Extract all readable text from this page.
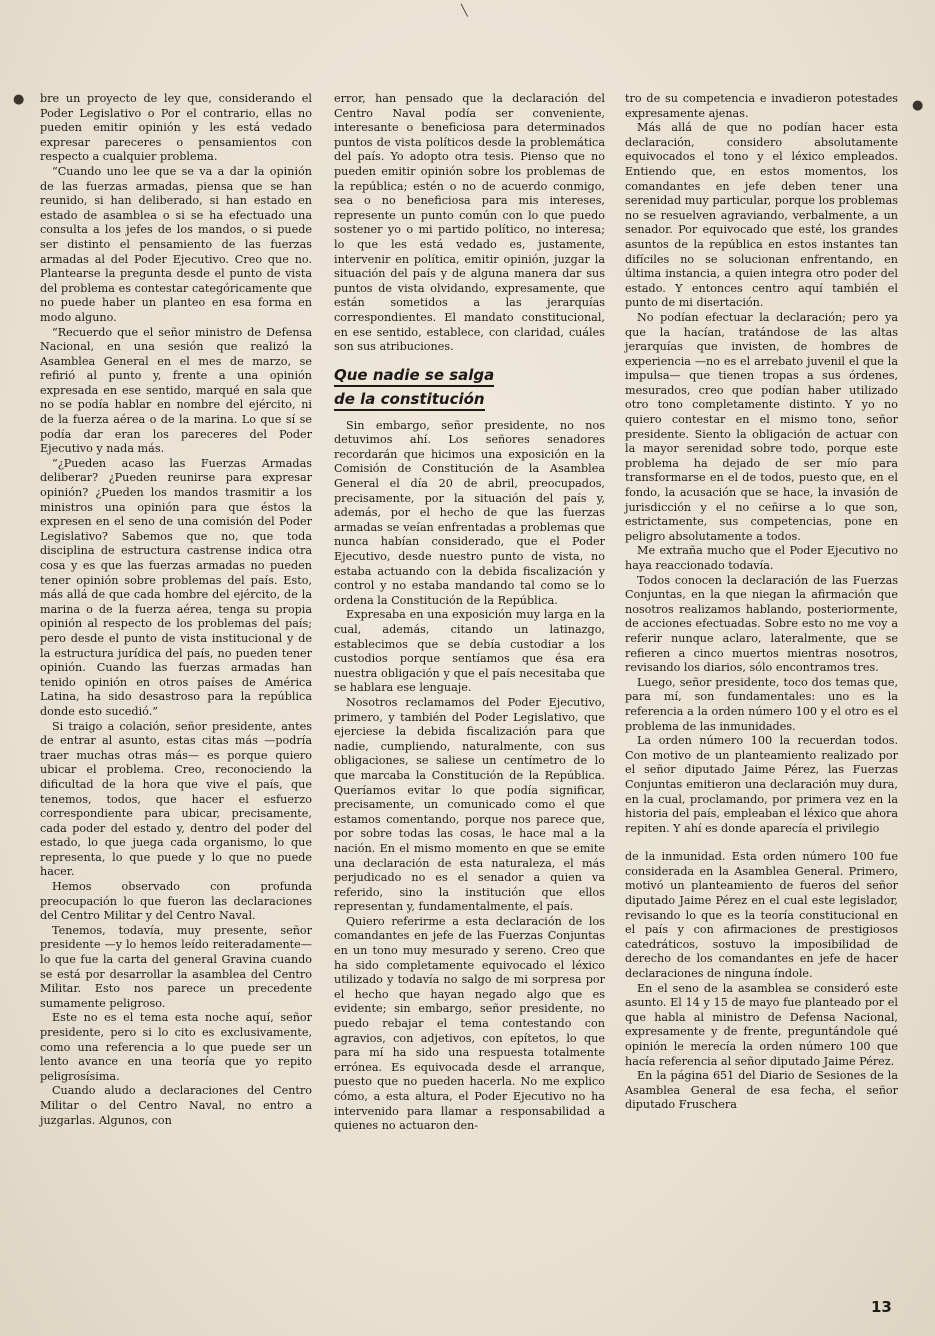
╲
●	●

bre un proyecto de ley que, considerando el Poder Legislativo o Por el contrario, ellas no pueden emitir opinión y les está vedado expresar pareceres o pensamientos con respecto a cualquier problema.

“Cuando uno lee que se va a dar la opinión de las fuerzas armadas, piensa que se han reunido, si han deliberado, si han estado en estado de asamblea o si se ha efectuado una consulta a los jefes de los mandos, o si puede ser distinto el pensamiento de las fuerzas armadas al del Poder Ejecutivo. Creo que no. Plantearse la pregunta desde el punto de vista del problema es contestar categóricamente que no puede haber un planteo en esa forma en modo alguno.

“Recuerdo que el señor ministro de Defensa Nacional, en una sesión que realizó la Asamblea General en el mes de marzo, se refirió al punto y, frente a una opinión expresada en ese sentido, marqué en sala que no se podía hablar en nombre del ejército, ni de la fuerza aérea o de la marina. Lo que sí se podía dar eran los pareceres del Poder Ejecutivo y nada más.

“¿Pueden acaso las Fuerzas Armadas deliberar? ¿Pueden reunirse para expresar opinión? ¿Pueden los mandos trasmitir a los ministros una opinión para que éstos la expresen en el seno de una comisión del Poder Legislativo? Sabemos que no, que toda disciplina de estructura castrense indica otra cosa y es que las fuerzas armadas no pueden tener opinión sobre problemas del país. Esto, más allá de que cada hombre del ejército, de la marina o de la fuerza aérea, tenga su propia opinión al respecto de los problemas del país; pero desde el punto de vista institucional y de la estructura jurídica del país, no pueden tener opinión. Cuando las fuerzas armadas han tenido opinión en otros países de América Latina, ha sido desastroso para la república donde esto sucedió.”

Si traigo a colación, señor presidente, antes de entrar al asunto, estas citas más —podría traer muchas otras más— es porque quiero ubicar el problema. Creo, reconociendo la dificultad de la hora que vive el país, que tenemos, todos, que hacer el esfuerzo correspondiente para ubicar, precisamente, cada poder del estado y, dentro del poder del estado, lo que juega cada organismo, lo que representa, lo que puede y lo que no puede hacer.

Hemos observado con profunda preocupación lo que fueron las declaraciones del Centro Militar y del Centro Naval.

Tenemos, todavía, muy presente, señor presidente —y lo hemos leído reiteradamente— lo que fue la carta del general Gravina cuando se está por desarrollar la asamblea del Centro Militar. Esto nos parece un precedente sumamente peligroso.

Este no es el tema esta noche aquí, señor presidente, pero si lo cito es exclusivamente, como una referencia a lo que puede ser un lento avance en una teoría que yo repito peligrosísima.

Cuando aludo a declaraciones del Centro Militar o del Centro Naval, no entro a juzgarlas. Algunos, con

error, han pensado que la declaración del Centro Naval podía ser conveniente, interesante o beneficiosa para determinados puntos de vista políticos desde la problemática del país. Yo adopto otra tesis. Pienso que no pueden emitir opinión sobre los problemas de la república; estén o no de acuerdo conmigo, sea o no beneficiosa para mis intereses, represente un punto común con lo que puedo sostener yo o mi partido político, no interesa; lo que les está vedado es, justamente, intervenir en política, emitir opinión, juzgar la situación del país y de alguna manera dar sus puntos de vista olvidando, expresamente, que están sometidos a las jerarquías correspondientes. El mandato constitucional, en ese sentido, establece, con claridad, cuáles son sus atribuciones.

Que nadie se salga
de la constitución

Sin embargo, señor presidente, no nos detuvimos ahí. Los señores senadores recordarán que hicimos una exposición en la Comisión de Constitución de la Asamblea General el día 20 de abril, preocupados, precisamente, por la situación del país y, además, por el hecho de que las fuerzas armadas se veían enfrentadas a problemas que nunca habían considerado, que el Poder Ejecutivo, desde nuestro punto de vista, no estaba actuando con la debida fiscalización y control y no estaba mandando tal como se lo ordena la Constitución de la República.

Expresaba en una exposición muy larga en la cual, además, citando un latinazgo, establecimos que se debía custodiar a los custodios porque sentíamos que ésa era nuestra obligación y que el país necesitaba que se hablara ese lenguaje.

Nosotros reclamamos del Poder Ejecutivo, primero, y también del Poder Legislativo, que ejerciese la debida fiscalización para que nadie, cumpliendo, naturalmente, con sus obligaciones, se saliese un centímetro de lo que marcaba la Constitución de la República. Queríamos evitar lo que podía significar, precisamente, un comunicado como el que estamos comentando, porque nos parece que, por sobre todas las cosas, le hace mal a la nación. En el mismo momento en que se emite una declaración de esta naturaleza, el más perjudicado no es el senador a quien va referido, sino la institución que ellos representan y, fundamentalmente, el país.

Quiero referirme a esta declaración de los comandantes en jefe de las Fuerzas Conjuntas en un tono muy mesurado y sereno. Creo que ha sido completamente equivocado el léxico utilizado y todavía no salgo de mi sorpresa por el hecho que hayan negado algo que es evidente; sin embargo, señor presidente, no puedo rebajar el tema contestando con agravios, con adjetivos, con epítetos, lo que para mí ha sido una respuesta totalmente errónea. Es equivocada desde el arranque, puesto que no pueden hacerla. No me explico cómo, a esta altura, el Poder Ejecutivo no ha intervenido para llamar a responsabilidad a quienes no actuaron den-

tro de su competencia e invadieron potestades expresamente ajenas.

Más allá de que no podían hacer esta declaración, considero absolutamente equivocados el tono y el léxico empleados. Entiendo que, en estos momentos, los comandantes en jefe deben tener una serenidad muy particular, porque los problemas no se resuelven agraviando, verbalmente, a un senador. Por equivocado que esté, los grandes asuntos de la república en estos instantes tan difíciles no se solucionan enfrentando, en última instancia, a quien integra otro poder del estado. Y entonces centro aquí también el punto de mi disertación.

No podían efectuar la declaración; pero ya que la hacían, tratándose de las altas jerarquías que invisten, de hombres de experiencia —no es el arrebato juvenil el que la impulsa— que tienen tropas a sus órdenes, mesurados, creo que podían haber utilizado otro tono completamente distinto. Y yo no quiero contestar en el mismo tono, señor presidente. Siento la obligación de actuar con la mayor serenidad sobre todo, porque este problema ha dejado de ser mío para transformarse en el de todos, puesto que, en el fondo, la acusación que se hace, la invasión de jurisdicción y el no ceñirse a lo que son, estrictamente, sus competencias, pone en peligro absolutamente a todos.

Me extraña mucho que el Poder Ejecutivo no haya reaccionado todavía.

Todos conocen la declaración de las Fuerzas Conjuntas, en la que niegan la afirmación que nosotros realizamos hablando, posteriormente, de acciones efectuadas. Sobre esto no me voy a referir nunque aclaro, lateralmente, que se refieren a cinco muertos mientras nosotros, revisando los diarios, sólo encontramos tres.

Luego, señor presidente, toco dos temas que, para mí, son fundamentales: uno es la referencia a la orden número 100 y el otro es el problema de las inmunidades.

La orden número 100 la recuerdan todos. Con motivo de un planteamiento realizado por el señor diputado Jaime Pérez, las Fuerzas Conjuntas emitieron una declaración muy dura, en la cual, proclamando, por primera vez en la historia del país, empleaban el léxico que ahora repiten. Y ahí es donde aparecía el privilegio

de la inmunidad. Esta orden número 100 fue considerada en la Asamblea General. Primero, motivó un planteamiento de fueros del señor diputado Jaime Pérez en el cual este legislador, revisando lo que es la teoría constitucional en el país y con afirmaciones de prestigiosos catedráticos, sostuvo la imposibilidad de derecho de los comandantes en jefe de hacer declaraciones de ninguna índole.

En el seno de la asamblea se consideró este asunto. El 14 y 15 de mayo fue planteado por el que habla al ministro de Defensa Nacional, expresamente y de frente, preguntándole qué opinión le merecía la orden número 100 que hacía referencia al señor diputado Jaime Pérez.

En la página 651 del Diario de Sesiones de la Asamblea General de esa fecha, el señor diputado Fruschera

13
